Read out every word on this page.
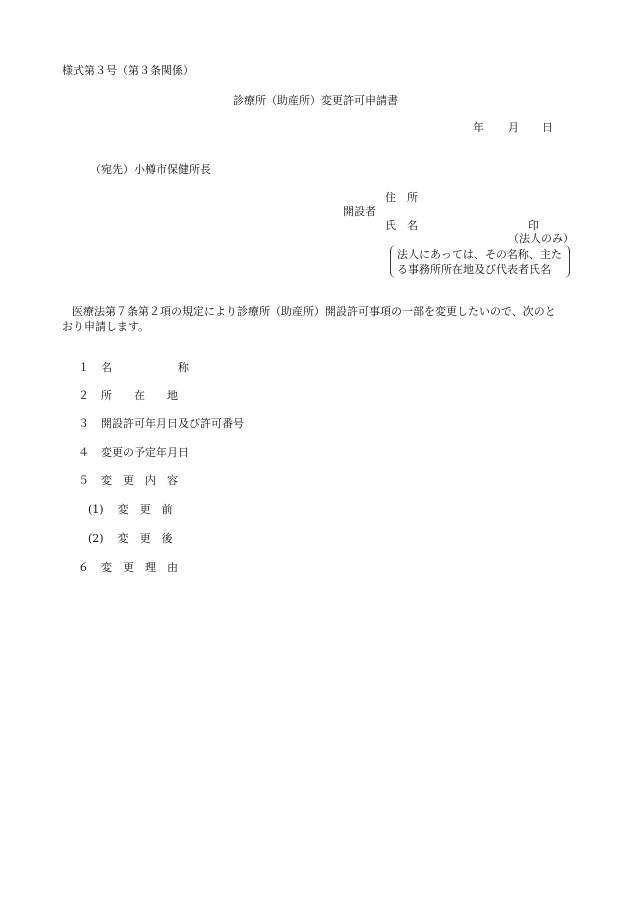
様式第３号（第３条関係）
診療所（助産所）変更許可申請書
年 月 日
（宛先）小樽市保健所長
住　所
開設者
氏　名	印
（法人のみ）
法人にあっては、その名称、主た
る事務所所在地及び代表者氏名
医療法第７条第２項の規定により診療所（助産所）開設許可事項の一部を変更したいので、次のと
おり申請します。
１ 名　　　　　　称
２ 所　　在　　地
３ 開設許可年月日及び許可番号
４ 変更の予定年月日
５ 変　更　内　容
(1) 変　更　前
(2) 変　更　後
６ 変　更　理　由
